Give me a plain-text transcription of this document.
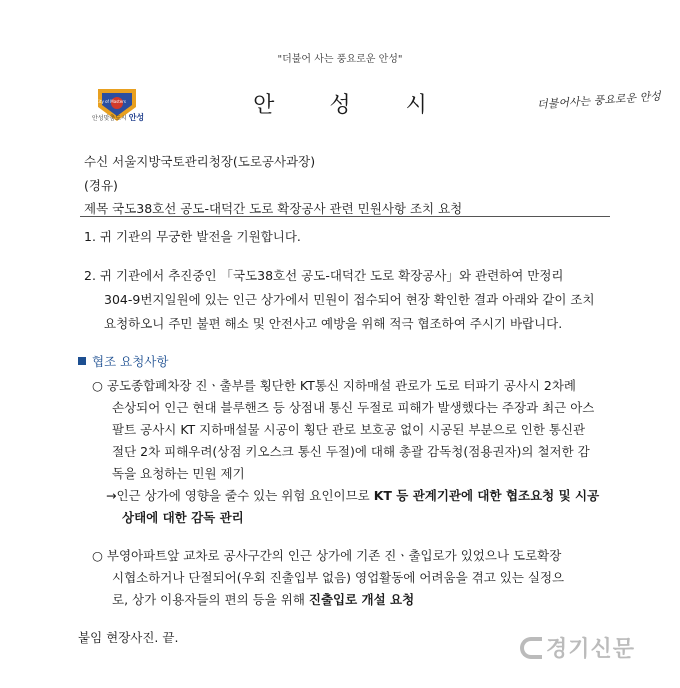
"더불어 사는 풍요로운 안성"
안성맞춤도시 안성
City of Masters	안 성 시	더불어사는 풍요로운 안성
수신 서울지방국토관리청장(도로공사과장)
(경유)
제목 국도38호선 공도-대덕간 도로 확장공사 관련 민원사항 조치 요청
1. 귀 기관의 무궁한 발전을 기원합니다.
2. 귀 기관에서 추진중인 「국도38호선 공도-대덕간 도로 확장공사」와 관련하여 만정리
304-9번지일원에 있는 인근 상가에서 민원이 접수되어 현장 확인한 결과 아래와 같이 조치
요청하오니 주민 불편 해소 및 안전사고 예방을 위해 적극 협조하여 주시기 바랍니다.
협조 요청사항
○ 공도종합폐차장 진ㆍ출부를 횡단한 KT통신 지하매설 관로가 도로 터파기 공사시 2차례
손상되어 인근 현대 블루핸즈 등 상점내 통신 두절로 피해가 발생했다는 주장과 최근 아스
팔트 공사시 KT 지하매설물 시공이 횡단 관로 보호공 없이 시공된 부분으로 인한 통신관
절단 2차 피해우려(상점 키오스크 통신 두절)에 대해 총괄 감독청(점용권자)의 철저한 감
독을 요청하는 민원 제기
→인근 상가에 영향을 줄수 있는 위험 요인이므로 KT 등 관계기관에 대한 협조요청 및 시공
상태에 대한 감독 관리
○ 부영아파트앞 교차로 공사구간의 인근 상가에 기존 진ㆍ출입로가 있었으나 도로확장
시협소하거나 단절되어(우회 진출입부 없음) 영업활동에 어려움을 겪고 있는 실정으
로, 상가 이용자들의 편의 등을 위해 진출입로 개설 요청
붙임 현장사진. 끝.	경기신문
